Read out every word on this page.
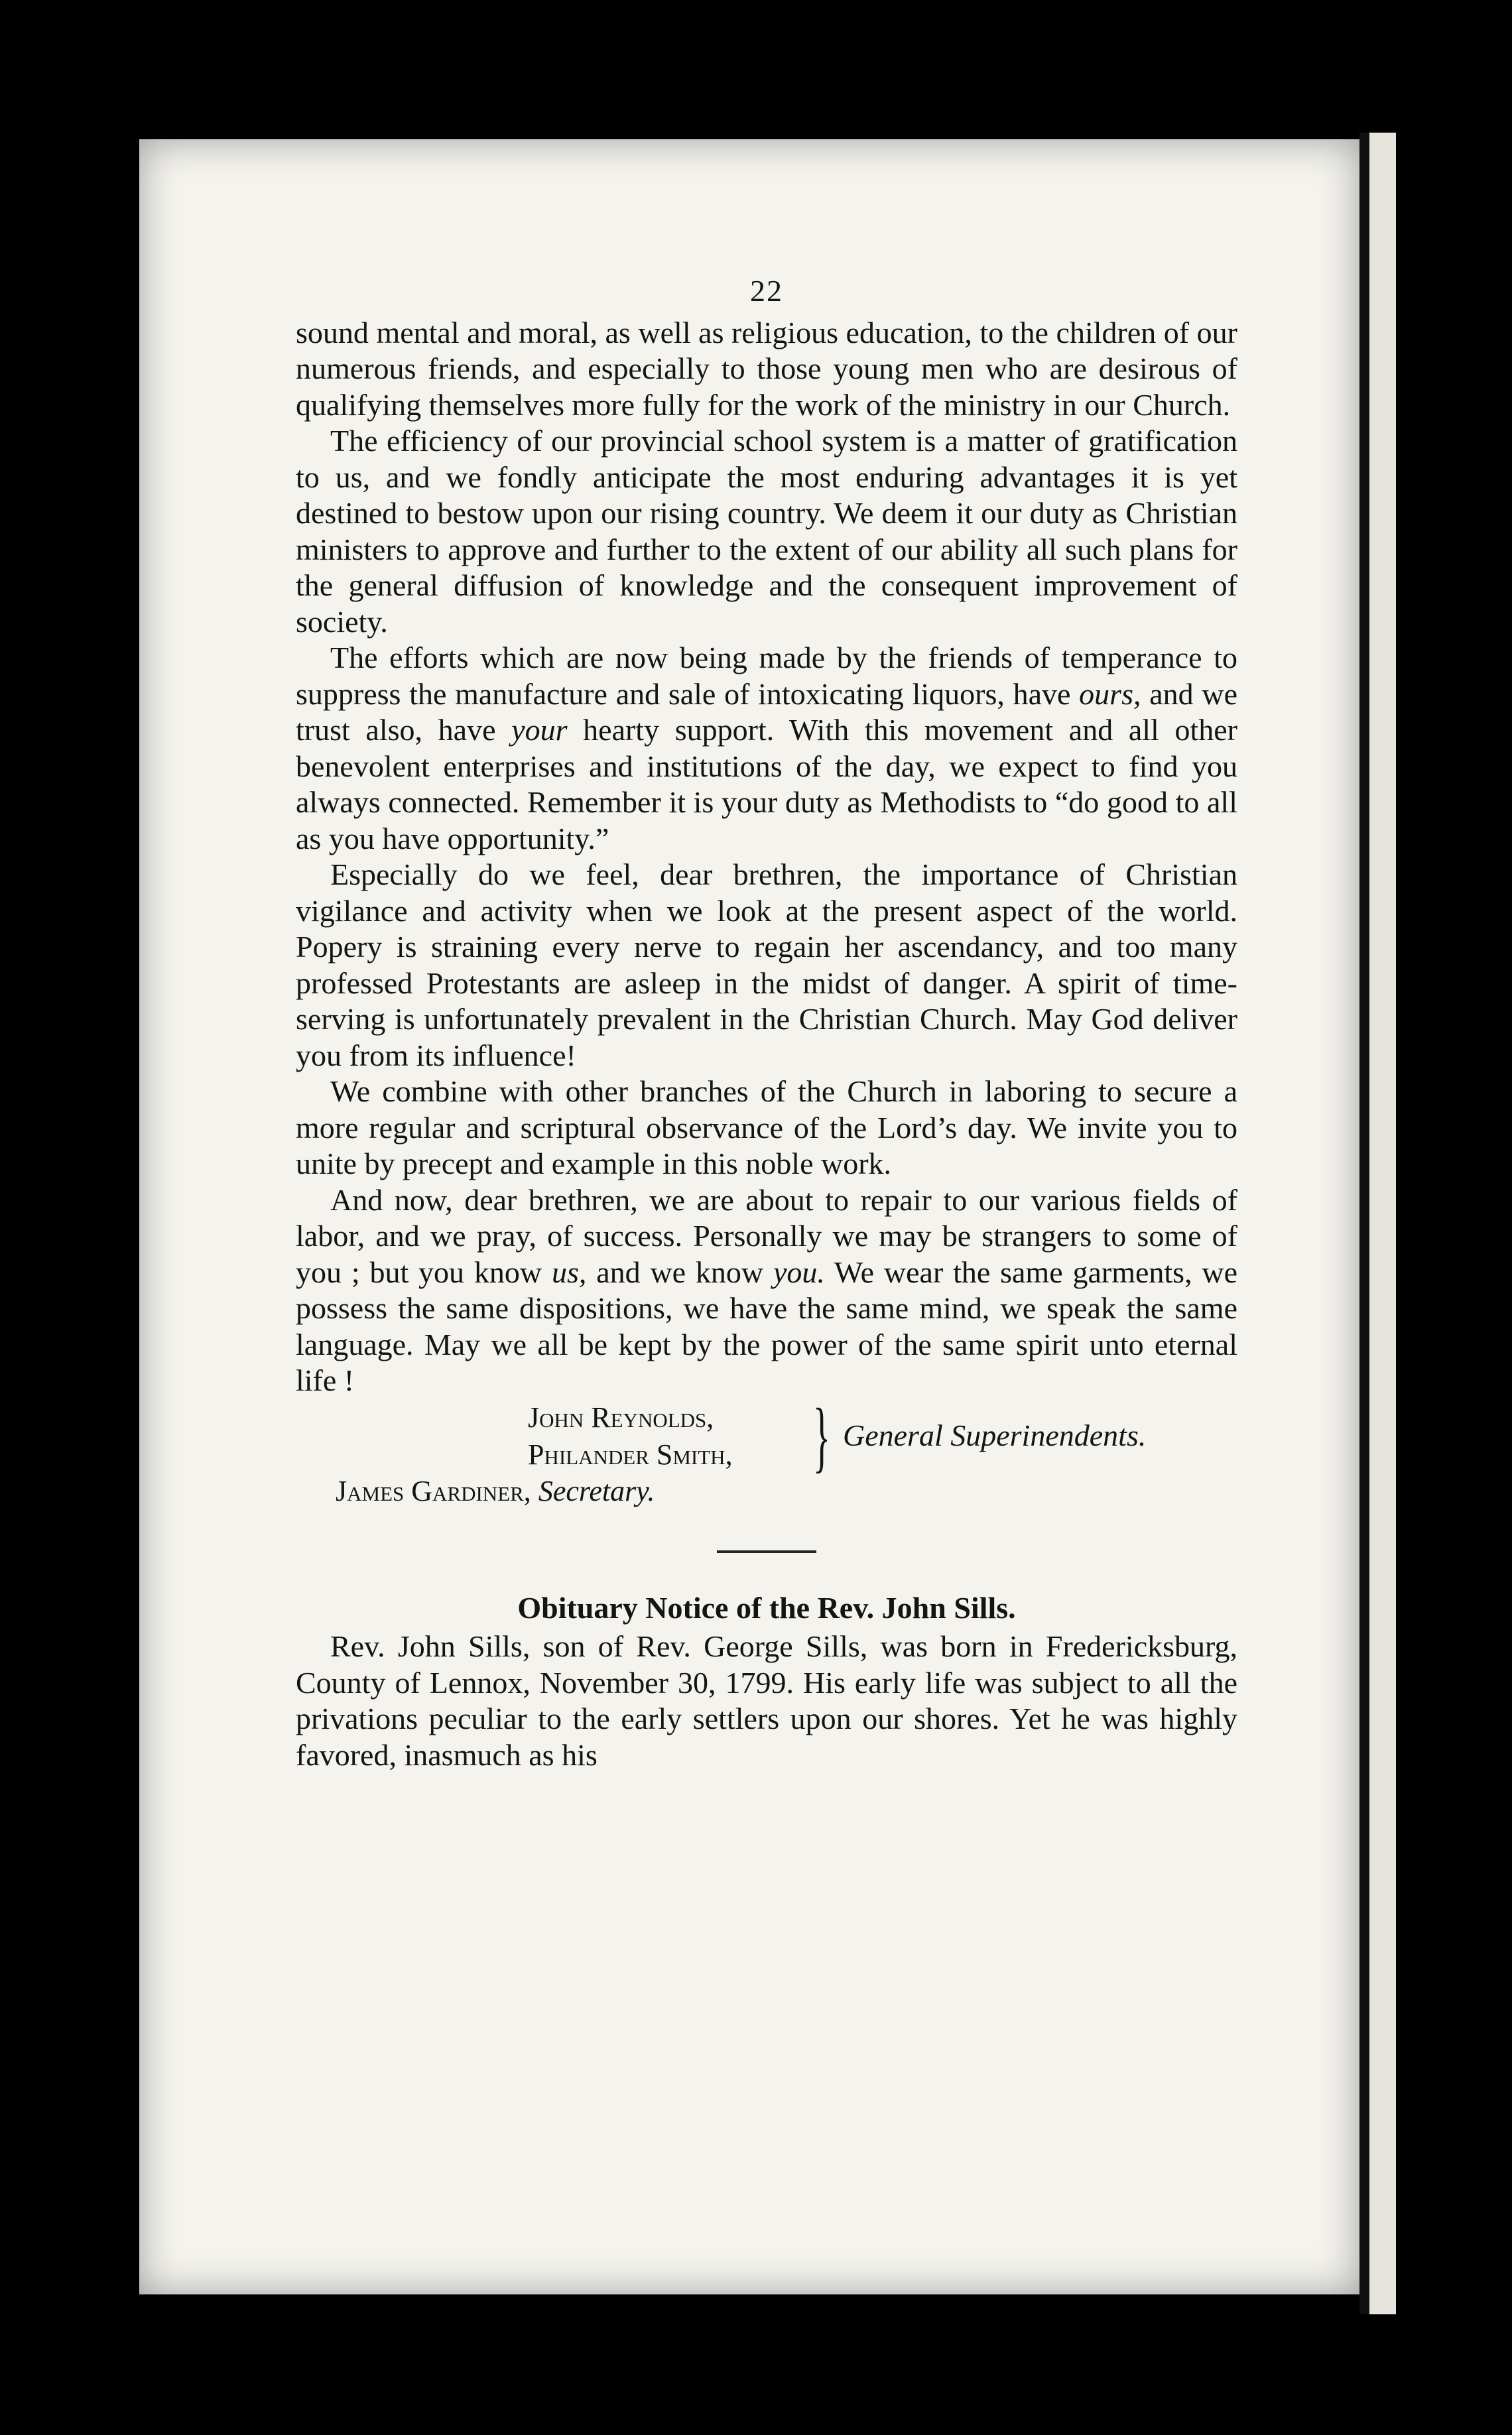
22

sound mental and moral, as well as religious education, to the children of our numerous friends, and especially to those young men who are desirous of qualifying themselves more fully for the work of the ministry in our Church.

The efficiency of our provincial school system is a matter of gratification to us, and we fondly anticipate the most enduring advantages it is yet destined to bestow upon our rising country. We deem it our duty as Christian ministers to approve and further to the extent of our ability all such plans for the general diffusion of knowledge and the consequent improvement of society.

The efforts which are now being made by the friends of temperance to suppress the manufacture and sale of intoxicating liquors, have ours, and we trust also, have your hearty support. With this movement and all other benevolent enterprises and institutions of the day, we expect to find you always connected. Remember it is your duty as Methodists to “do good to all as you have opportunity.”

Especially do we feel, dear brethren, the importance of Christian vigilance and activity when we look at the present aspect of the world. Popery is straining every nerve to regain her ascendancy, and too many professed Protestants are asleep in the midst of danger. A spirit of time-serving is unfortunately prevalent in the Christian Church. May God deliver you from its influence!

We combine with other branches of the Church in laboring to secure a more regular and scriptural observance of the Lord’s day. We invite you to unite by precept and example in this noble work.

And now, dear brethren, we are about to repair to our various fields of labor, and we pray, of success. Personally we may be strangers to some of you ; but you know us, and we know you. We wear the same garments, we possess the same dispositions, we have the same mind, we speak the same language. May we all be kept by the power of the same spirit unto eternal life !

John Reynolds,
Philander Smith, } General Superinendents.
James Gardiner, Secretary.
Obituary Notice of the Rev. John Sills.

Rev. John Sills, son of Rev. George Sills, was born in Fredericksburg, County of Lennox, November 30, 1799. His early life was subject to all the privations peculiar to the early settlers upon our shores. Yet he was highly favored, inasmuch as his
